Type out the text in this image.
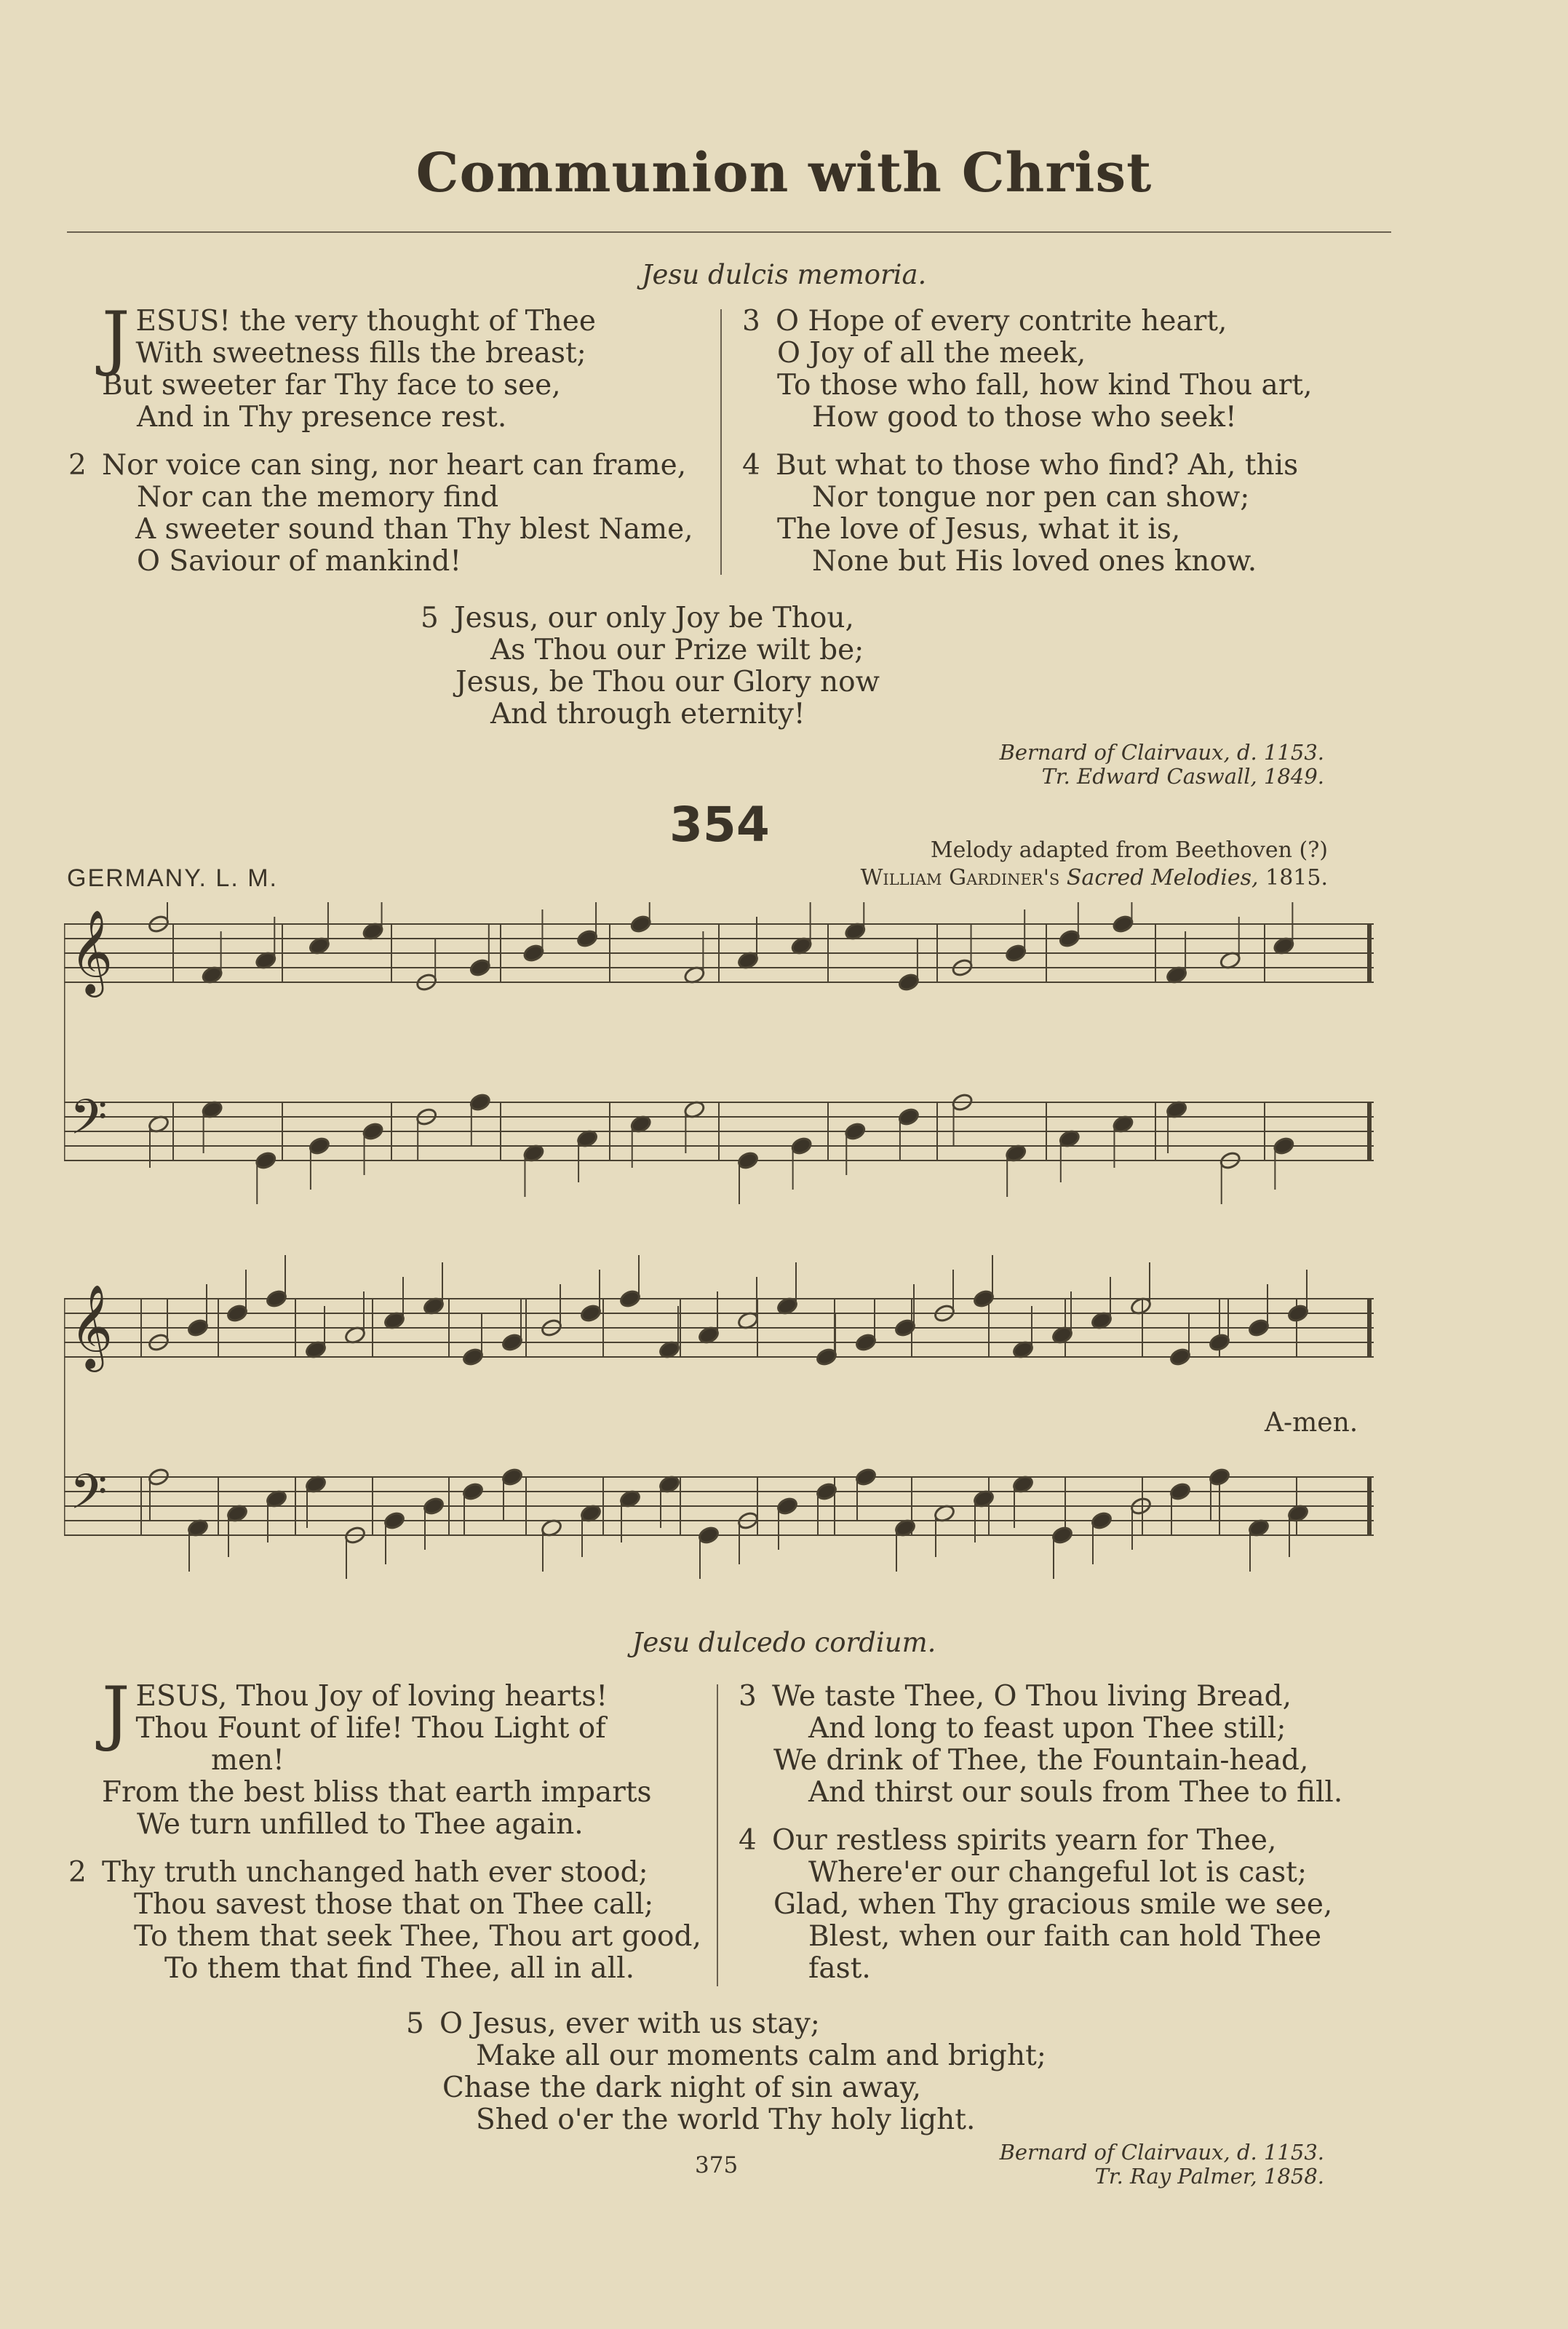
Communion with Christ
Jesu dulcis memoria.
J ESUS! the very thought of Thee
With sweetness fills the breast;
But sweeter far Thy face to see,
And in Thy presence rest.
2 Nor voice can sing, nor heart can frame,
Nor can the memory find
A sweeter sound than Thy blest Name,
O Saviour of mankind!
3 O Hope of every contrite heart,
O Joy of all the meek,
To those who fall, how kind Thou art,
How good to those who seek!
4 But what to those who find? Ah, this
Nor tongue nor pen can show;
The love of Jesus, what it is,
None but His loved ones know.
5 Jesus, our only Joy be Thou,
As Thou our Prize wilt be;
Jesus, be Thou our Glory now
And through eternity!
Bernard of Clairvaux, d. 1153.
Tr. Edward Caswall, 1849.
354
GERMANY. L. M.
Melody adapted from Beethoven (?)
William Gardiner's Sacred Melodies, 1815.
𝄞
𝄢
𝄞
𝄢
A-men.
Jesu dulcedo cordium.
J ESUS, Thou Joy of loving hearts!
Thou Fount of life! Thou Light of
men!
From the best bliss that earth imparts
We turn unfilled to Thee again.
2 Thy truth unchanged hath ever stood;
Thou savest those that on Thee call;
To them that seek Thee, Thou art good,
To them that find Thee, all in all.
3 We taste Thee, O Thou living Bread,
And long to feast upon Thee still;
We drink of Thee, the Fountain-head,
And thirst our souls from Thee to fill.
4 Our restless spirits yearn for Thee,
Where'er our changeful lot is cast;
Glad, when Thy gracious smile we see,
Blest, when our faith can hold Thee
fast.
5 O Jesus, ever with us stay;
Make all our moments calm and bright;
Chase the dark night of sin away,
Shed o'er the world Thy holy light.
Bernard of Clairvaux, d. 1153.
Tr. Ray Palmer, 1858.
375
